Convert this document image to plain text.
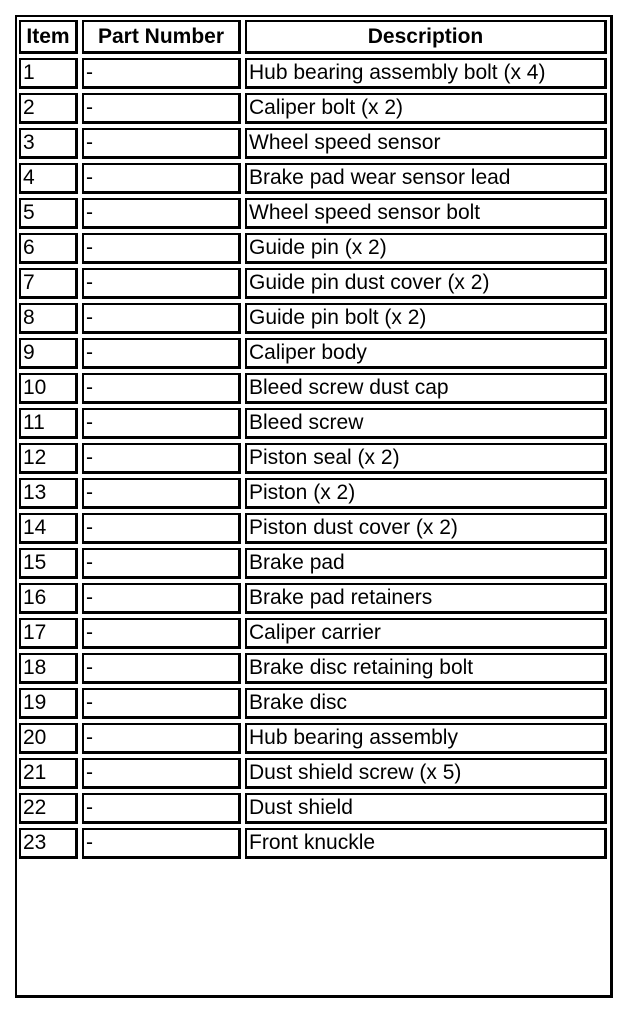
Item	Part Number	Description
1	-	Hub bearing assembly bolt (x 4)
2	-	Caliper bolt (x 2)
3	-	Wheel speed sensor
4	-	Brake pad wear sensor lead
5	-	Wheel speed sensor bolt
6	-	Guide pin (x 2)
7	-	Guide pin dust cover (x 2)
8	-	Guide pin bolt (x 2)
9	-	Caliper body
10	-	Bleed screw dust cap
11	-	Bleed screw
12	-	Piston seal (x 2)
13	-	Piston (x 2)
14	-	Piston dust cover (x 2)
15	-	Brake pad
16	-	Brake pad retainers
17	-	Caliper carrier
18	-	Brake disc retaining bolt
19	-	Brake disc
20	-	Hub bearing assembly
21	-	Dust shield screw (x 5)
22	-	Dust shield
23	-	Front knuckle
